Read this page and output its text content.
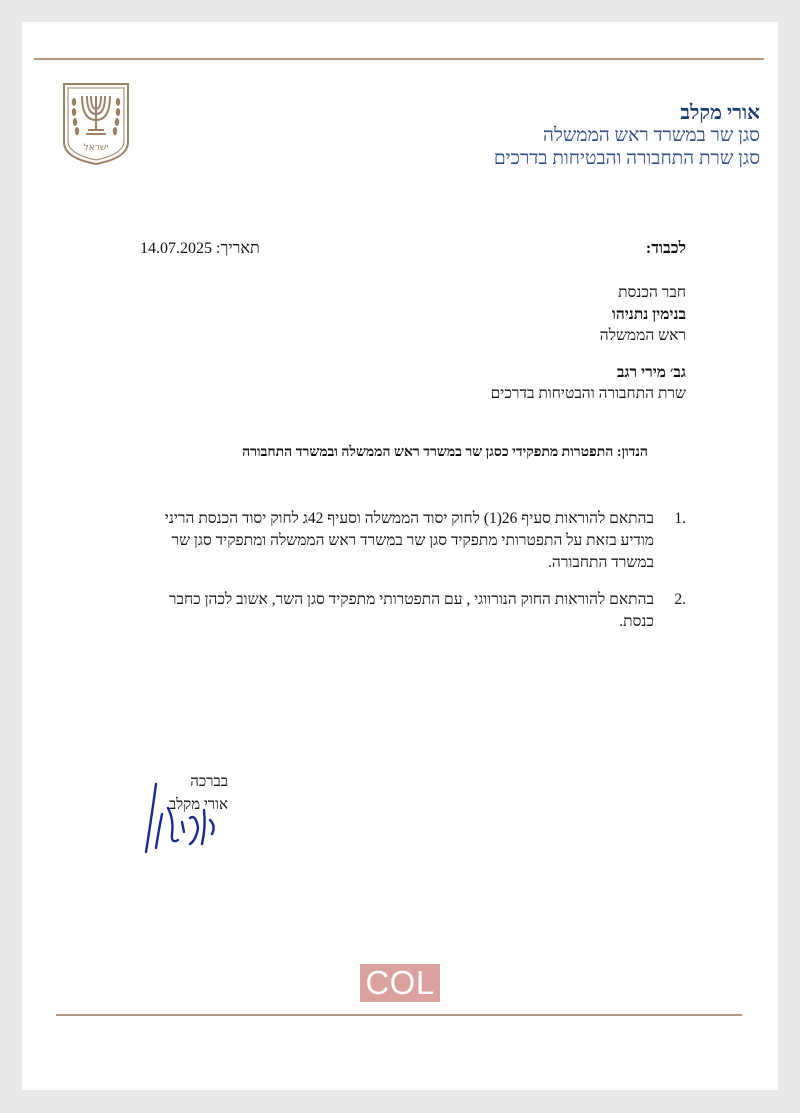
ישראל
אורי מקלב
סגן שר במשרד ראש הממשלה
סגן שרת התחבורה והבטיחות בדרכים
לכבוד:
14.07.2025 :תאריך
חבר הכנסת
בנימין נתניהו
ראש הממשלה
גב׳ מירי רגב
שרת התחבורה והבטיחות בדרכים
הנדון: התפטרות מתפקידי כסגן שר במשרד ראש הממשלה ובמשרד התחבורה
.1
בהתאם להוראות סעיף 26(1) לחוק יסוד הממשלה וסעיף 42ג לחוק יסוד הכנסת הריני
מודיע בזאת על התפטרותי מתפקיד סגן שר במשרד ראש הממשלה ומתפקיד סגן שר
במשרד התחבורה.
.2
בהתאם להוראות החוק הנורווגי , עם התפטרותי מתפקיד סגן השר, אשוב לכהן כחבר
כנסת.
בברכה
אורי מקלב
COL
